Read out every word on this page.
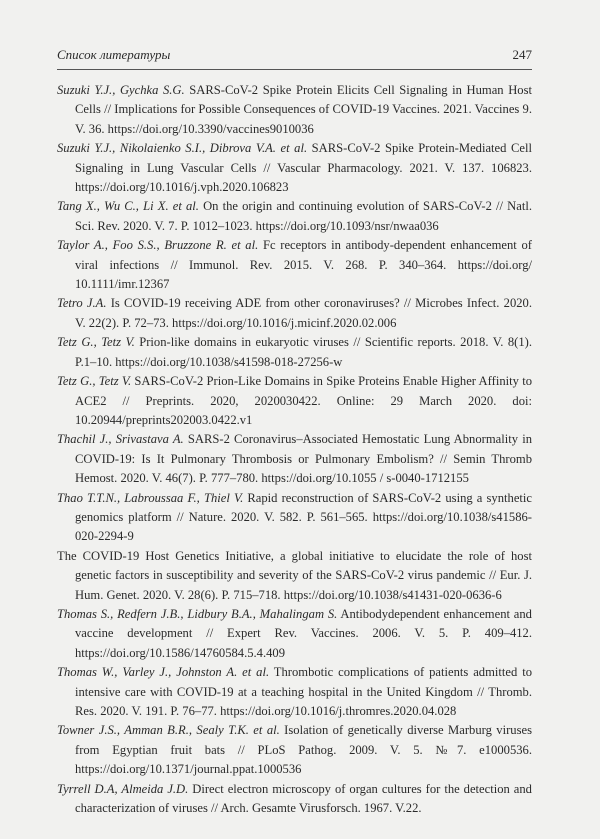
Список литературы	247

Suzuki Y.J., Gychka S.G. SARS-CoV-2 Spike Protein Elicits Cell Signaling in Human Host Cells // Implications for Possible Consequences of COVID-19 Vaccines. 2021. Vaccines 9. V. 36. https://doi.org/10.3390/vaccines9010036

Suzuki Y.J., Nikolaienko S.I., Dibrova V.A. et al. SARS-CoV-2 Spike Protein-Mediated Cell Signaling in Lung Vascular Cells // Vascular Pharmacology. 2021. V. 137. 106823. https://doi.org/10.1016/j.vph.2020.106823

Tang X., Wu C., Li X. et al. On the origin and continuing evolution of SARS-CoV-2 // Natl. Sci. Rev. 2020. V. 7. P. 1012–1023. https://doi.org/10.1093/nsr/nwaa036

Taylor A., Foo S.S., Bruzzone R. et al. Fc receptors in antibody-dependent enhancement of viral infections // Immunol. Rev. 2015. V. 268. P. 340–364. https://doi.org/ 10.1111/imr.12367

Tetro J.A. Is COVID-19 receiving ADE from other coronaviruses? // Microbes Infect. 2020. V. 22(2). P. 72–73. https://doi.org/10.1016/j.micinf.2020.02.006

Tetz G., Tetz V. Prion-like domains in eukaryotic viruses // Scientific reports. 2018. V. 8(1). P.1–10. https://doi.org/10.1038/s41598-018-27256-w

Tetz G., Tetz V. SARS-CoV-2 Prion-Like Domains in Spike Proteins Enable Higher Affinity to ACE2 // Preprints. 2020, 2020030422. Online: 29 March 2020. doi: 10.20944/preprints202003.0422.v1

Thachil J., Srivastava A. SARS-2 Coronavirus–Associated Hemostatic Lung Abnormality in COVID-19: Is It Pulmonary Thrombosis or Pulmonary Embolism? // Semin Thromb Hemost. 2020. V. 46(7). P. 777–780. https://doi.org/10.1055 / s-0040-1712155

Thao T.T.N., Labroussaa F., Thiel V. Rapid reconstruction of SARS-CoV-2 using a synthetic genomics platform // Nature. 2020. V. 582. P. 561–565. https://doi.org/10.1038/s41586-020-2294-9

The COVID-19 Host Genetics Initiative, a global initiative to elucidate the role of host genetic factors in susceptibility and severity of the SARS-CoV-2 virus pandemic // Eur. J. Hum. Genet. 2020. V. 28(6). P. 715–718. https://doi.org/10.1038/s41431-020-0636-6

Thomas S., Redfern J.B., Lidbury B.A., Mahalingam S. Antibodydependent enhancement and vaccine development // Expert Rev. Vaccines. 2006. V. 5. P. 409–412. https://doi.org/10.1586/14760584.5.4.409

Thomas W., Varley J., Johnston A. et al. Thrombotic complications of patients admitted to intensive care with COVID-19 at a teaching hospital in the United Kingdom // Thromb. Res. 2020. V. 191. P. 76–77. https://doi.org/10.1016/j.thromres.2020.04.028

Towner J.S., Amman B.R., Sealy T.K. et al. Isolation of genetically diverse Marburg viruses from Egyptian fruit bats // PLoS Pathog. 2009. V. 5. №7. e1000536. https://doi.org/10.1371/journal.ppat.1000536

Tyrrell D.A, Almeida J.D. Direct electron microscopy of organ cultures for the detection and characterization of viruses // Arch. Gesamte Virusforsch. 1967. V.22.
